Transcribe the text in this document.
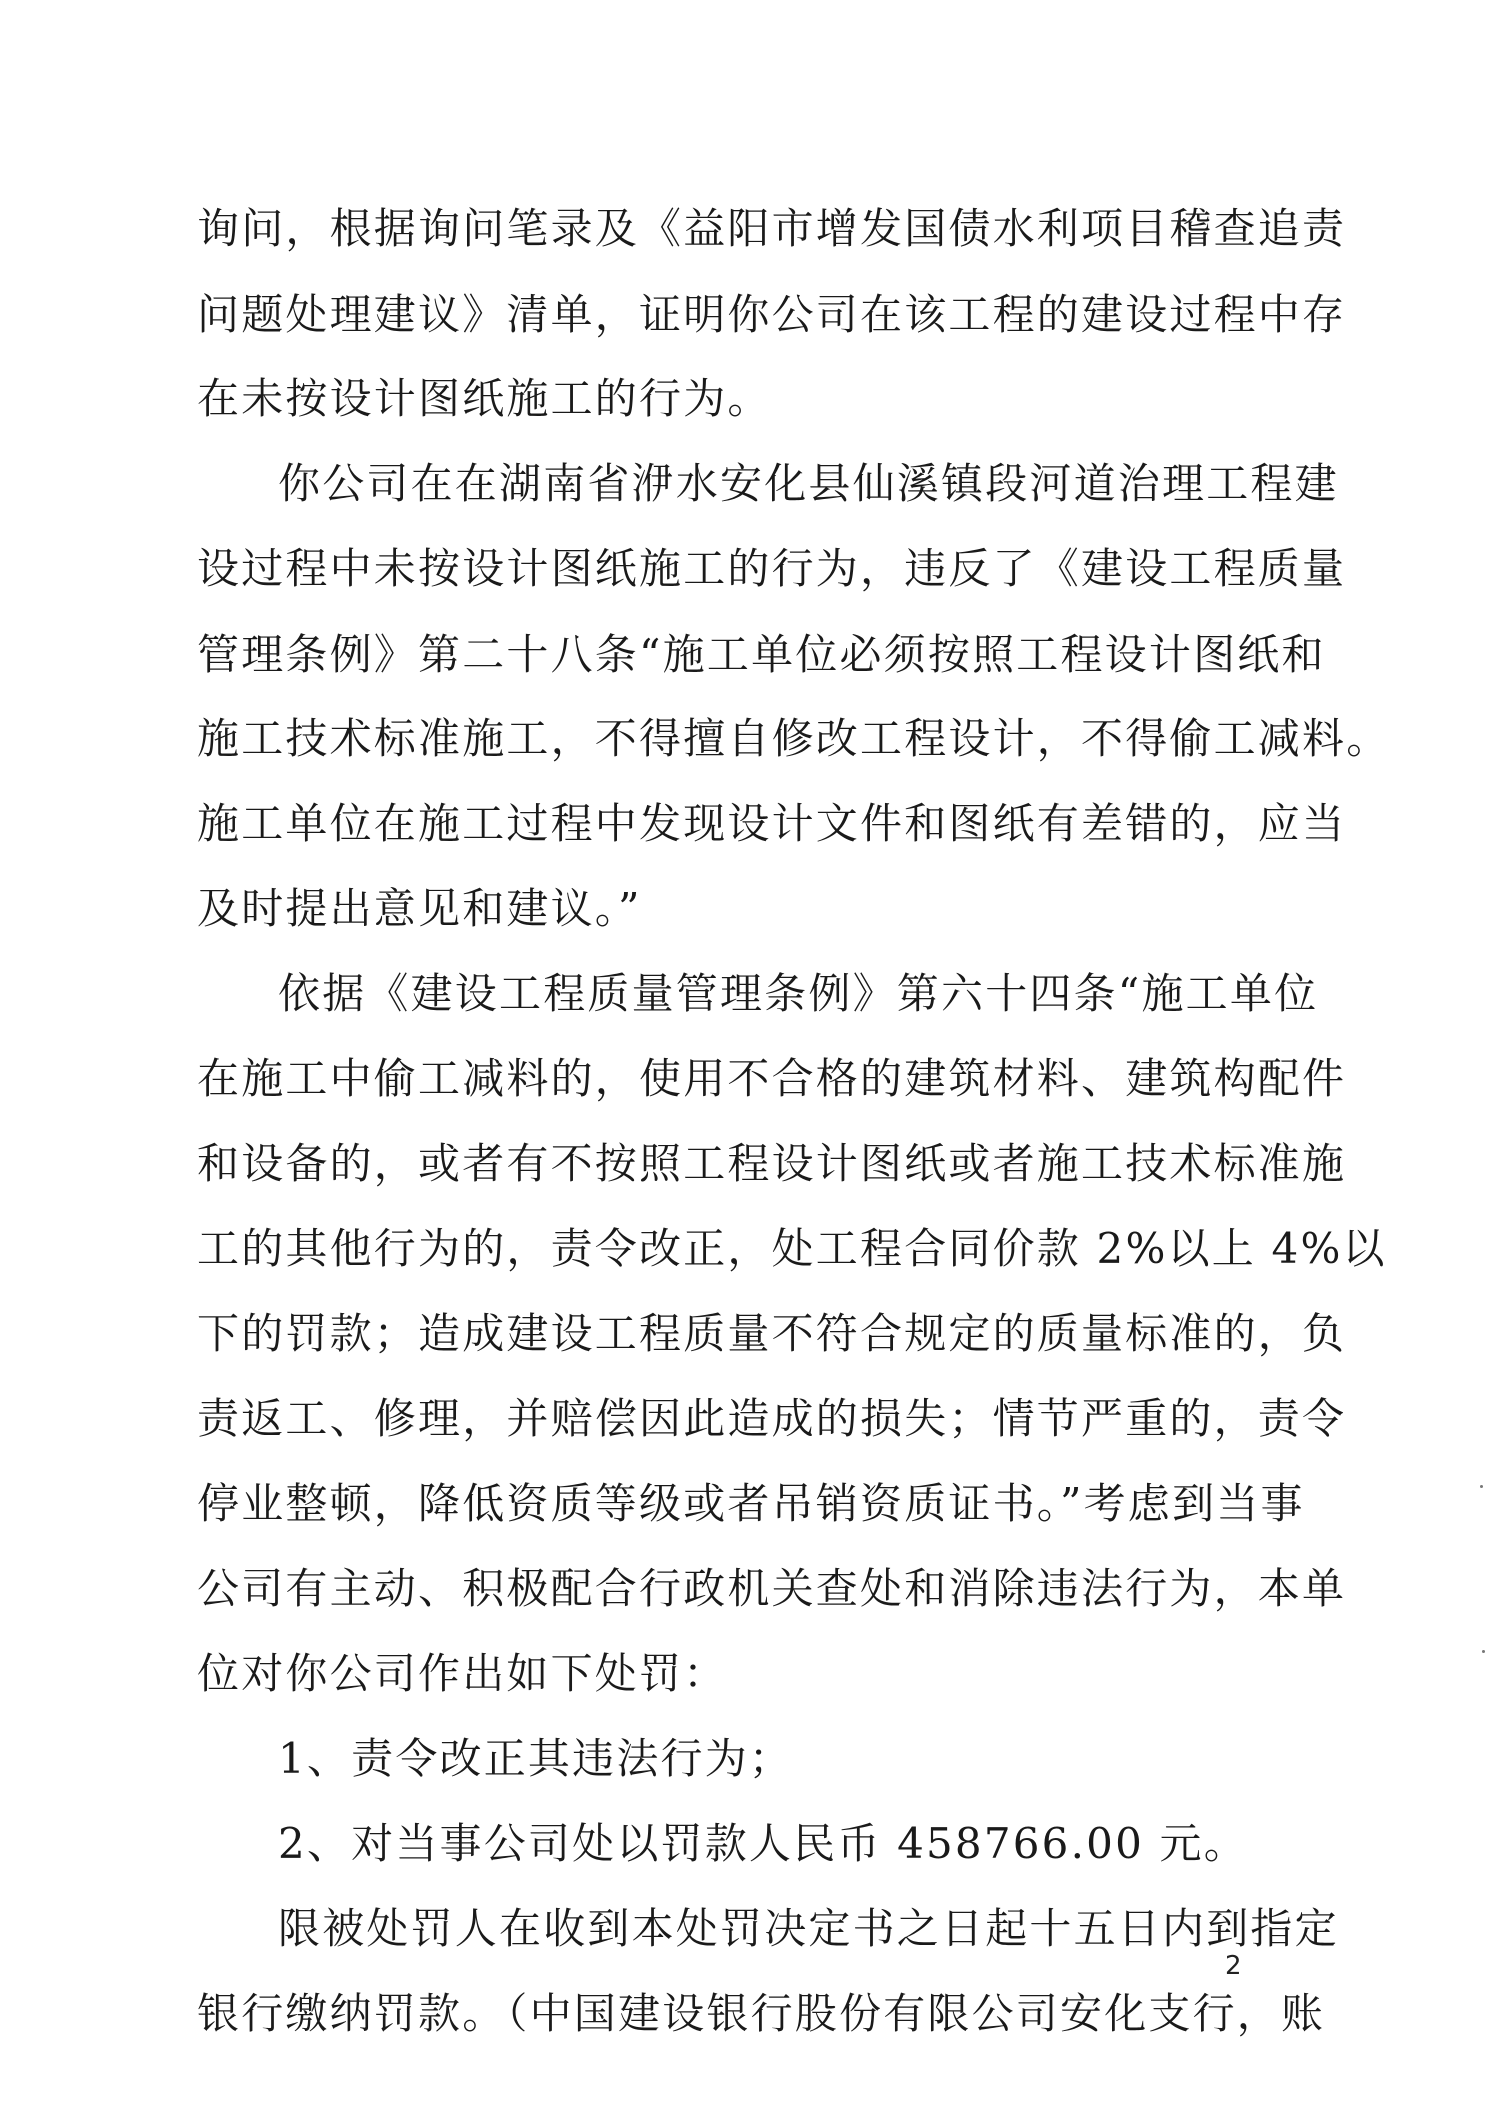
询问，根据询问笔录及《益阳市增发国债水利项目稽查追责
问题处理建议》清单，证明你公司在该工程的建设过程中存
在未按设计图纸施工的行为。
你公司在在湖南省洢水安化县仙溪镇段河道治理工程建
设过程中未按设计图纸施工的行为，违反了《建设工程质量
管理条例》第二十八条“施工单位必须按照工程设计图纸和
施工技术标准施工，不得擅自修改工程设计，不得偷工减料。
施工单位在施工过程中发现设计文件和图纸有差错的，应当
及时提出意见和建议。”
依据《建设工程质量管理条例》第六十四条“施工单位
在施工中偷工减料的，使用不合格的建筑材料、建筑构配件
和设备的，或者有不按照工程设计图纸或者施工技术标准施
工的其他行为的，责令改正，处工程合同价款 2%以上 4%以
下的罚款；造成建设工程质量不符合规定的质量标准的，负
责返工、修理，并赔偿因此造成的损失；情节严重的，责令
停业整顿，降低资质等级或者吊销资质证书。”考虑到当事
公司有主动、积极配合行政机关查处和消除违法行为，本单
位对你公司作出如下处罚：
1、责令改正其违法行为；
2、对当事公司处以罚款人民币 458766.00 元。
限被处罚人在收到本处罚决定书之日起十五日内到指定
银行缴纳罚款。（中国建设银行股份有限公司安化支行，账
2
